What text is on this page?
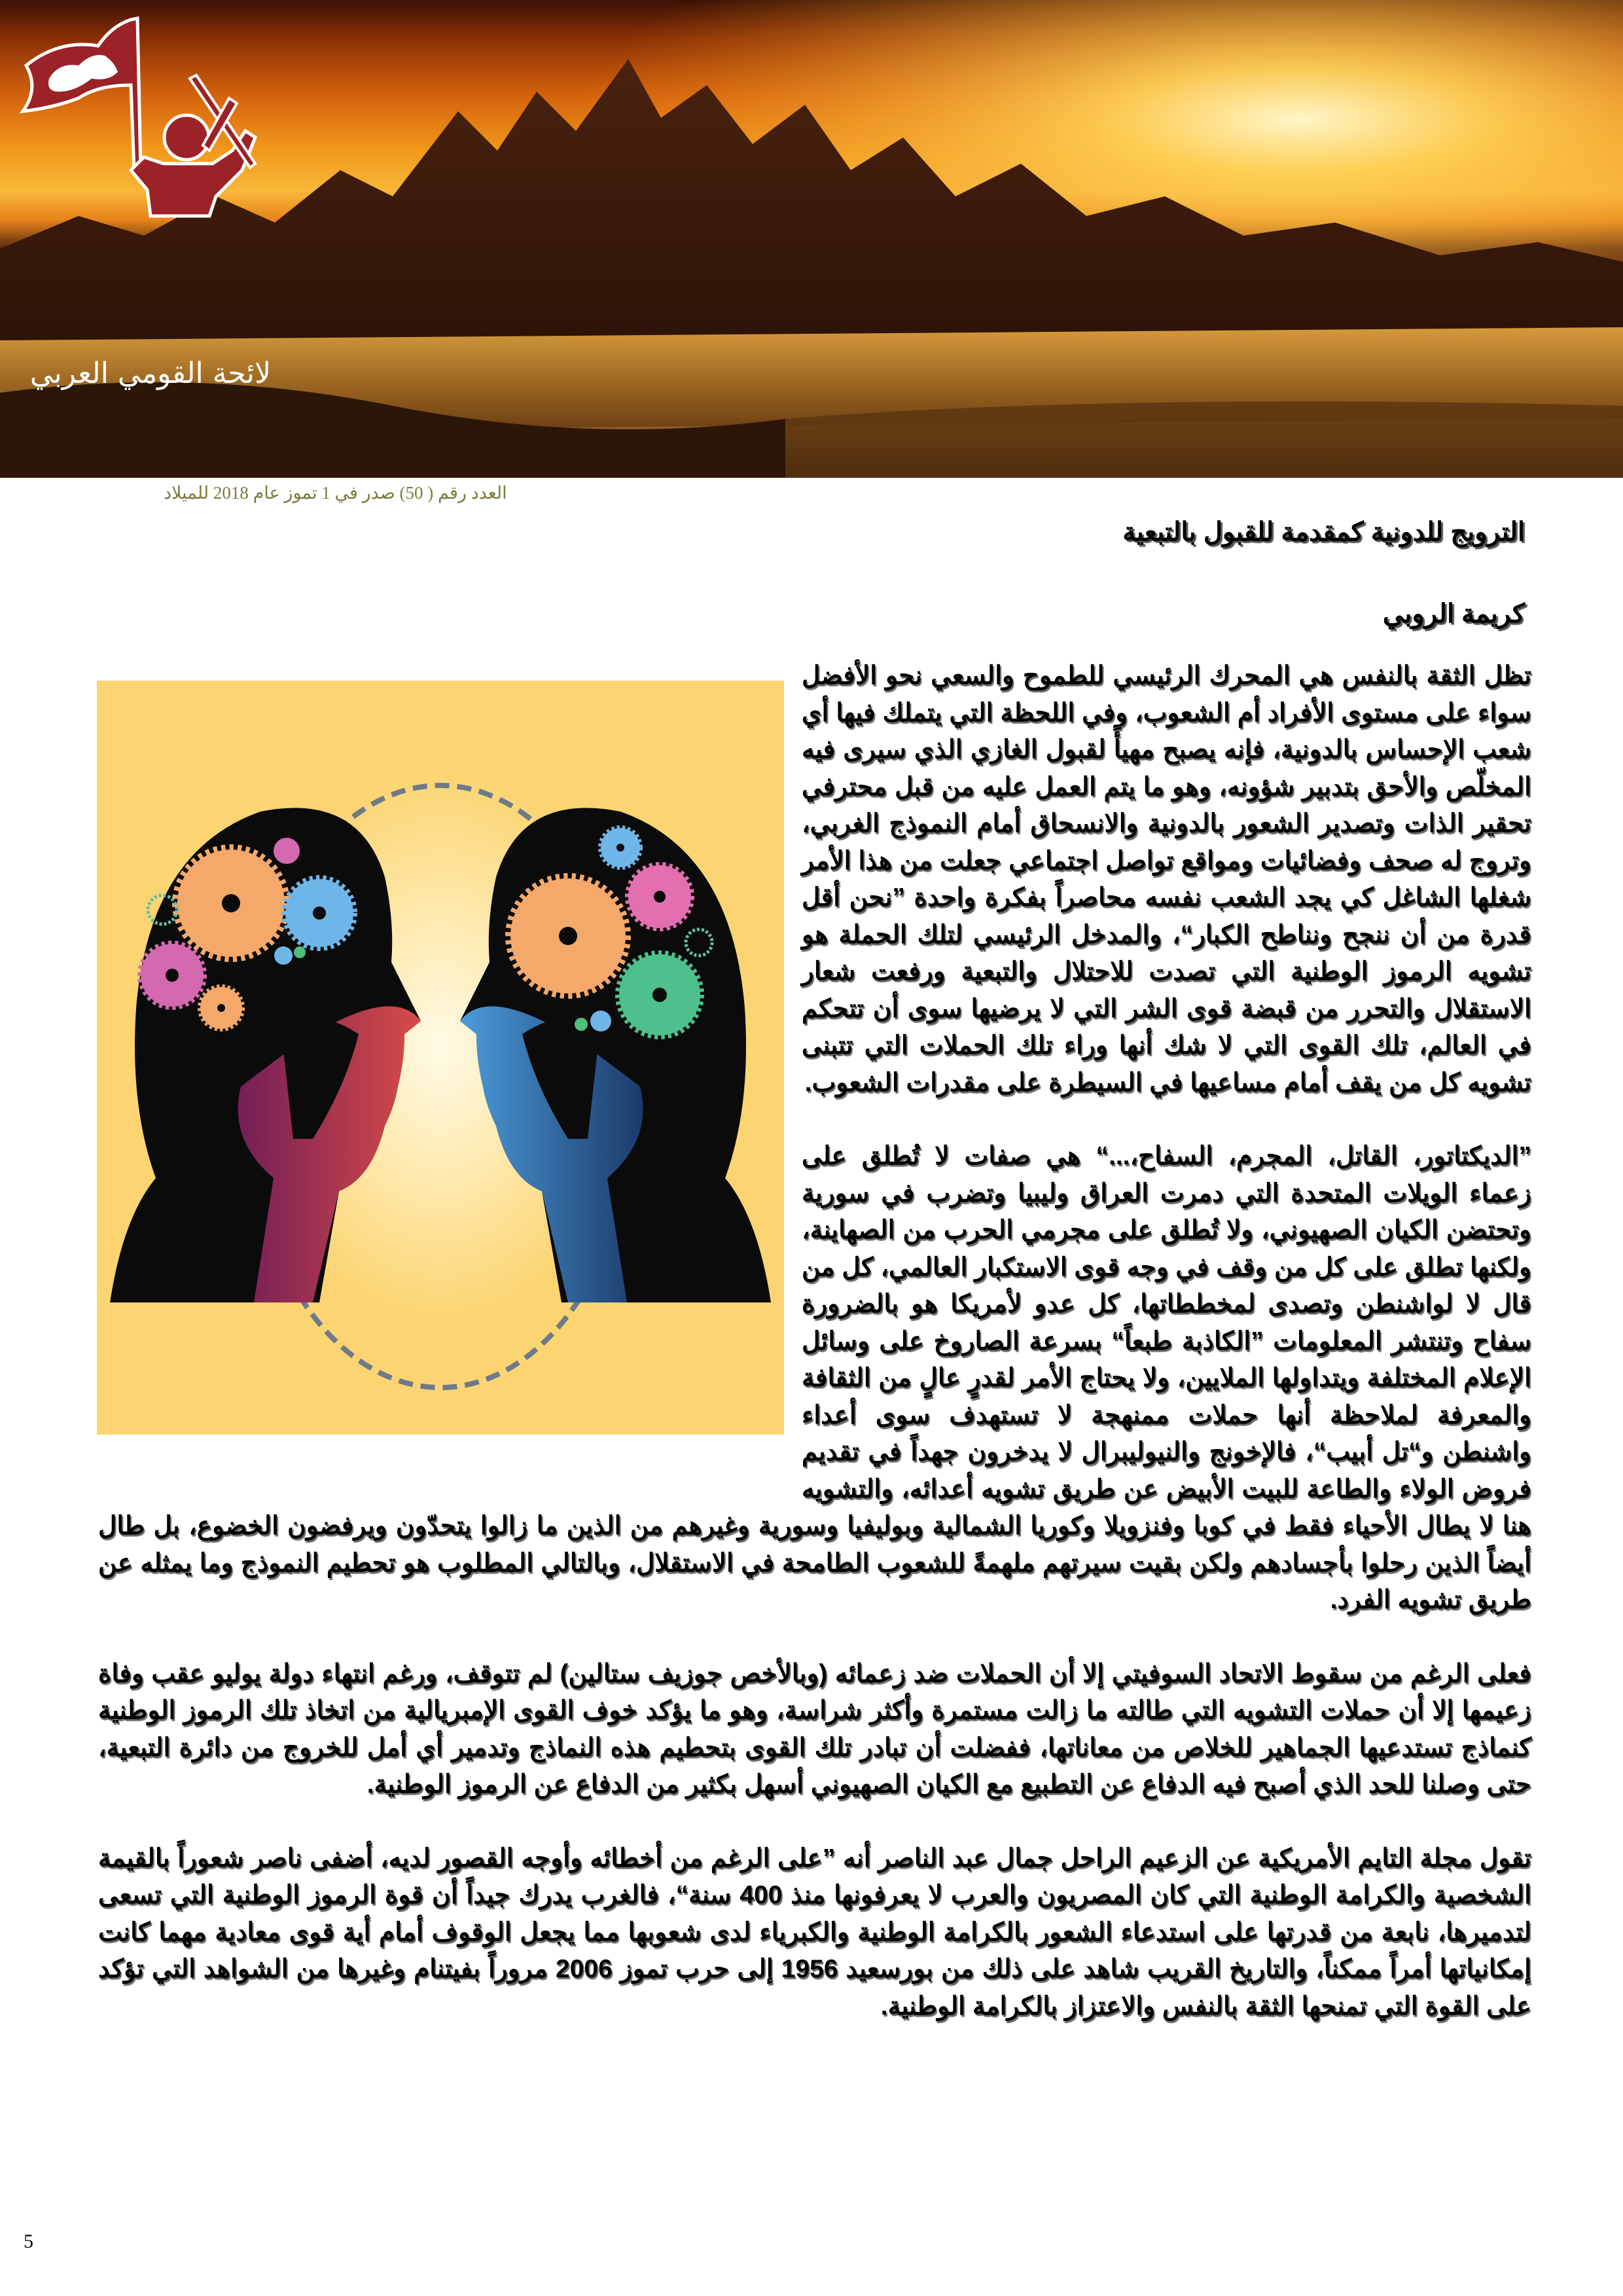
لائحة القومي العربي
العدد رقم ( 50) صدر في 1 تموز عام 2018 للميلاد
الترويج للدونية كمقدمة للقبول بالتبعية
كريمة الروبي

تظل الثقة بالنفس هي المحرك الرئيسي للطموح والسعي نحو الأفضل سواء على مستوى الأفراد أم الشعوب، وفي اللحظة التي يتملك فيها أي شعب الإحساس بالدونية، فإنه يصبح مهيأً لقبول الغازي الذي سيرى فيه المخلّص والأحق بتدبير شؤونه، وهو ما يتم العمل عليه من قبل محترفي تحقير الذات وتصدير الشعور بالدونية والانسحاق أمام النموذج الغربي، وتروج له صحف وفضائيات ومواقع تواصل اجتماعي جعلت من هذا الأمر شغلها الشاغل كي يجد الشعب نفسه محاصراً بفكرة واحدة ”نحن أقل قدرة من أن ننجح ونناطح الكبار“، والمدخل الرئيسي لتلك الحملة هو تشويه الرموز الوطنية التي تصدت للاحتلال والتبعية ورفعت شعار الاستقلال والتحرر من قبضة قوى الشر التي لا يرضيها سوى أن تتحكم في العالم، تلك القوى التي لا شك أنها وراء تلك الحملات التي تتبنى تشويه كل من يقف أمام مساعيها في السيطرة على مقدرات الشعوب.

”الديكتاتور، القاتل، المجرم، السفاح،...“ هي صفات لا تُطلق على زعماء الويلات المتحدة التي دمرت العراق وليبيا وتضرب في سورية وتحتضن الكيان الصهيوني، ولا تُطلق على مجرمي الحرب من الصهاينة، ولكنها تطلق على كل من وقف في وجه قوى الاستكبار العالمي، كل من قال لا لواشنطن وتصدى لمخططاتها، كل عدو لأمريكا هو بالضرورة سفاح وتنتشر المعلومات ”الكاذبة طبعاً“ بسرعة الصاروخ على وسائل الإعلام المختلفة ويتداولها الملايين، ولا يحتاج الأمر لقدرٍ عالٍ من الثقافة والمعرفة لملاحظة أنها حملات ممنهجة لا تستهدف سوى أعداء واشنطن و“تل أبيب“، فالإخونج والنيوليبرال لا يدخرون جهداً في تقديم فروض الولاء والطاعة للبيت الأبيض عن طريق تشويه أعدائه، والتشويه هنا لا يطال الأحياء فقط في كوبا وفنزويلا وكوريا الشمالية وبوليفيا وسورية وغيرهم من الذين ما زالوا يتحدّون ويرفضون الخضوع، بل طال أيضاً الذين رحلوا بأجسادهم ولكن بقيت سيرتهم ملهمةً للشعوب الطامحة في الاستقلال، وبالتالي المطلوب هو تحطيم النموذج وما يمثله عن طريق تشويه الفرد.

فعلى الرغم من سقوط الاتحاد السوفيتي إلا أن الحملات ضد زعمائه (وبالأخص جوزيف ستالين) لم تتوقف، ورغم انتهاء دولة يوليو عقب وفاة زعيمها إلا أن حملات التشويه التي طالته ما زالت مستمرة وأكثر شراسة، وهو ما يؤكد خوف القوى الإمبريالية من اتخاذ تلك الرموز الوطنية كنماذج تستدعيها الجماهير للخلاص من معاناتها، ففضلت أن تبادر تلك القوى بتحطيم هذه النماذج وتدمير أي أمل للخروج من دائرة التبعية، حتى وصلنا للحد الذي أصبح فيه الدفاع عن التطبيع مع الكيان الصهيوني أسهل بكثير من الدفاع عن الرموز الوطنية.

تقول مجلة التايم الأمريكية عن الزعيم الراحل جمال عبد الناصر أنه ”على الرغم من أخطائه وأوجه القصور لديه، أضفى ناصر شعوراً بالقيمة الشخصية والكرامة الوطنية التي كان المصريون والعرب لا يعرفونها منذ 400 سنة“، فالغرب يدرك جيداً أن قوة الرموز الوطنية التي تسعى لتدميرها، نابعة من قدرتها على استدعاء الشعور بالكرامة الوطنية والكبرياء لدى شعوبها مما يجعل الوقوف أمام أية قوى معادية مهما كانت إمكانياتها أمراً ممكناً، والتاريخ القريب شاهد على ذلك من بورسعيد 1956 إلى حرب تموز 2006 مروراً بفيتنام وغيرها من الشواهد التي تؤكد على القوة التي تمنحها الثقة بالنفس والاعتزاز بالكرامة الوطنية.

5
